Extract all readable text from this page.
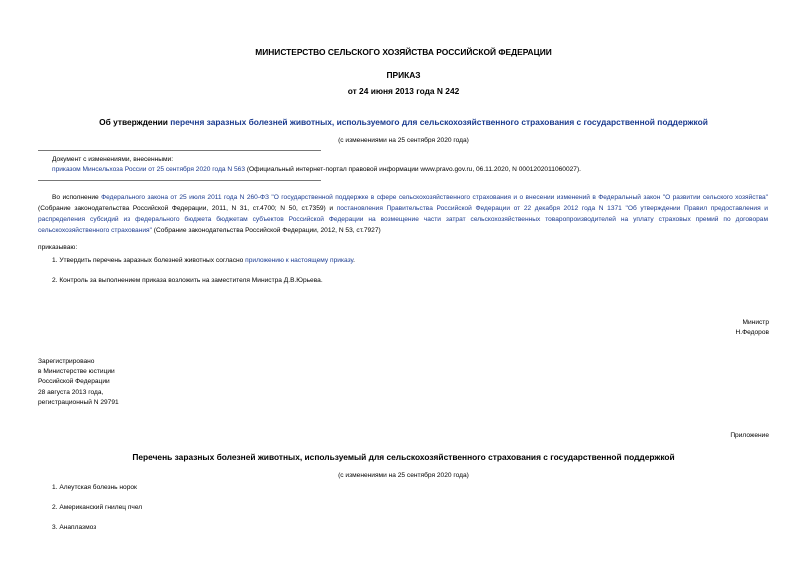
МИНИСТЕРСТВО СЕЛЬСКОГО ХОЗЯЙСТВА РОССИЙСКОЙ ФЕДЕРАЦИИ
ПРИКАЗ
от 24 июня 2013 года N 242
Об утверждении перечня заразных болезней животных, используемого для сельскохозяйственного страхования с государственной поддержкой
(с изменениями на 25 сентября 2020 года)
Документ с изменениями, внесенными:
приказом Минсельхоза России от 25 сентября 2020 года N 563 (Официальный интернет-портал правовой информации www.pravo.gov.ru, 06.11.2020, N 0001202011060027).
Во исполнение Федерального закона от 25 июля 2011 года N 260-ФЗ "О государственной поддержке в сфере сельскохозяйственного страхования и о внесении изменений в Федеральный закон "О развитии сельского хозяйства" (Собрание законодательства Российской Федерации, 2011, N 31, ст.4700; N 50, ст.7359) и постановления Правительства Российской Федерации от 22 декабря 2012 года N 1371 "Об утверждении Правил предоставления и распределения субсидий из федерального бюджета бюджетам субъектов Российской Федерации на возмещение части затрат сельскохозяйственных товаропроизводителей на уплату страховых премий по договорам сельскохозяйственного страхования" (Собрание законодательства Российской Федерации, 2012, N 53, ст.7927)
приказываю:
1. Утвердить перечень заразных болезней животных согласно приложению к настоящему приказу.
2. Контроль за выполнением приказа возложить на заместителя Министра Д.В.Юрьева.
Министр
Н.Федоров
Зарегистрировано
в Министерстве юстиции
Российской Федерации
28 августа 2013 года,
регистрационный N 29791
Приложение
Перечень заразных болезней животных, используемый для сельскохозяйственного страхования с государственной поддержкой
(с изменениями на 25 сентября 2020 года)
1. Алеутская болезнь норок
2. Американский гнилец пчел
3. Анаплазмоз
